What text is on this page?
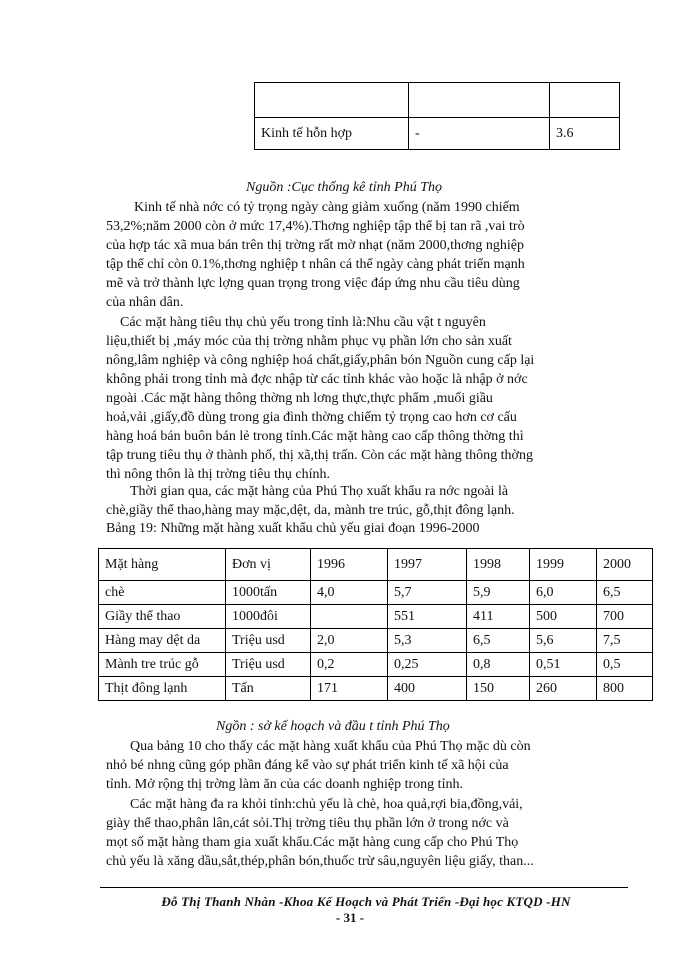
Kinh tế hỗn hợp	-	3.6
Nguồn :Cục thống kê tỉnh Phú Thọ

Kinh tế nhà nớc có tỷ trọng ngày càng giảm xuống (năm 1990 chiếm
53,2%;năm 2000 còn ở mức 17,4%).Thơng nghiệp tập thể bị tan rã ,vai trò
của hợp tác xã mua bán trên thị trờng rất mờ nhạt (năm 2000,thơng nghiệp
tập thể chỉ còn 0.1%,thơng nghiệp t nhân cá thể ngày càng phát triển mạnh
mẽ và trở thành lực lợng quan trọng trong việc đáp ứng nhu cầu tiêu dùng
của nhân dân.

Các mặt hàng tiêu thụ chủ yếu trong tỉnh là:Nhu cầu vật t nguyên
liệu,thiết bị ,máy móc của thị trờng nhằm phục vụ phần lớn cho sản xuất
nông,lâm nghiệp và công nghiệp hoá chất,giấy,phân bón Nguồn cung cấp lại
không phải trong tỉnh mà đợc nhập từ các tỉnh khác vào hoặc là nhập ở nớc
ngoài .Các mặt hàng thông thờng nh lơng thực,thực phẩm ,muối giầu
hoả,vải ,giấy,đồ dùng trong gia đình thờng chiếm tỷ trọng cao hơn cơ cấu
hàng hoá bán buôn bán lẻ trong tỉnh.Các mặt hàng cao cấp thông thờng thì
tập trung tiêu thụ ở thành phố, thị xã,thị trấn. Còn các mặt hàng thông thờng
thì nông thôn là thị trờng tiêu thụ chính.

Thời gian qua, các mặt hàng của Phú Thọ xuất khẩu ra nớc ngoài là
chè,giầy thể thao,hàng may mặc,dệt, da, mành tre trúc, gỗ,thịt đông lạnh.

Bảng 19: Những mặt hàng xuất khẩu chủ yếu giai đoạn 1996-2000
Mặt hàng	Đơn vị	1996	1997	1998	1999	2000
chè	1000tấn	4,0	5,7	5,9	6,0	6,5
Giầy thể thao	1000đôi		551	411	500	700
Hàng may dệt da	Triệu usd	2,0	5,3	6,5	5,6	7,5
Mành tre trúc gỗ	Triệu usd	0,2	0,25	0,8	0,51	0,5
Thịt đông lạnh	Tấn	171	400	150	260	800
Ngồn : sở kế hoạch và đầu t tỉnh Phú Thọ

Qua bảng 10 cho thấy các mặt hàng xuất khẩu của Phú Thọ mặc dù còn
nhỏ bé nhng cũng góp phần đáng kể vào sự phát triển kinh tế xã hội của
tỉnh. Mở rộng thị trờng làm ăn của các doanh nghiệp trong tỉnh.

Các mặt hàng đa ra khỏi tỉnh:chủ yếu là chè, hoa quả,rợi bia,đồng,vải,
giày thể thao,phân lân,cát sỏi.Thị trờng tiêu thụ phần lớn ở trong nớc và
mọt số mặt hàng tham gia xuất khẩu.Các mặt hàng cung cấp cho Phú Thọ
chủ yếu là xăng dầu,sắt,thép,phân bón,thuốc trừ sâu,nguyên liệu giấy, than...

Đỗ Thị Thanh Nhàn -Khoa Kế Hoạch và Phát Triển -Đại học KTQD -HN
- 31 -
